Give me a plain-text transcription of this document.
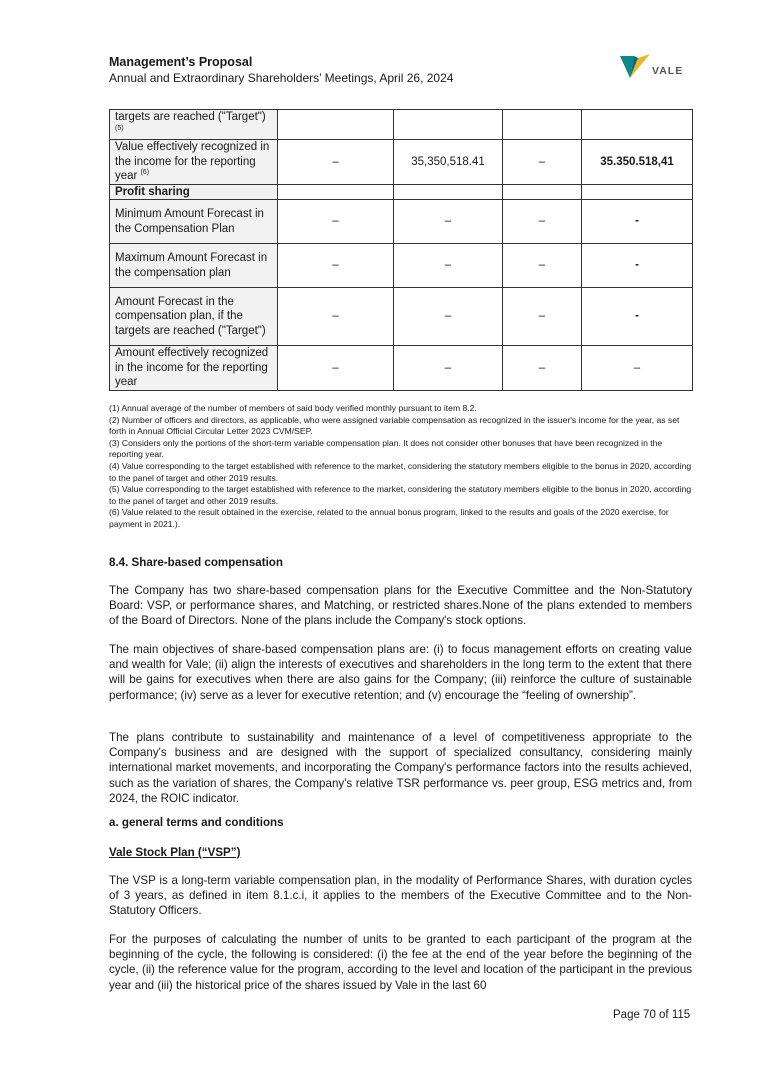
Management’s Proposal
Annual and Extraordinary Shareholders’ Meetings, April 26, 2024	VALE
targets are reached ("Target") $^{(5)}$				
Value effectively recognized in the income for the reporting year $^{(6)}$	–	35,350,518.41	–	35.350.518,41
Profit sharing				
Minimum Amount Forecast in the Compensation Plan	–	–	–	-
Maximum Amount Forecast in the compensation plan	–	–	–	-
Amount Forecast in the compensation plan, if the targets are reached ("Target")	–	–	–	-
Amount effectively recognized in the income for the reporting year	–	–	–	–

(1) Annual average of the number of members of said body verified monthly pursuant to item 8.2.

(2) Number of officers and directors, as applicable, who were assigned variable compensation as recognized in the issuer's income for the year, as set forth in Annual Official Circular Letter 2023 CVM/SEP.

(3) Considers only the portions of the short-term variable compensation plan. It does not consider other bonuses that have been recognized in the reporting year.

(4) Value corresponding to the target established with reference to the market, considering the statutory members eligible to the bonus in 2020, according to the panel of target and other 2019 results.

(5) Value corresponding to the target established with reference to the market, considering the statutory members eligible to the bonus in 2020, according to the panel of target and other 2019 results.

(6) Value related to the result obtained in the exercise, related to the annual bonus program, linked to the results and goals of the 2020 exercise, for payment in 2021.).

8.4. Share-based compensation
The Company has two share-based compensation plans for the Executive Committee and the Non-Statutory Board: VSP, or performance shares, and Matching, or restricted shares.None of the plans extended to members of the Board of Directors. None of the plans include the Company's stock options.
The main objectives of share-based compensation plans are: (i) to focus management efforts on creating value and wealth for Vale; (ii) align the interests of executives and shareholders in the long term to the extent that there will be gains for executives when there are also gains for the Company; (iii) reinforce the culture of sustainable performance; (iv) serve as a lever for executive retention; and (v) encourage the “feeling of ownership”.
The plans contribute to sustainability and maintenance of a level of competitiveness appropriate to the Company's business and are designed with the support of specialized consultancy, considering mainly international market movements, and incorporating the Company's performance factors into the results achieved, such as the variation of shares, the Company's relative TSR performance vs. peer group, ESG metrics and, from 2024, the ROIC indicator.
a. general terms and conditions
Vale Stock Plan (“VSP”)
The VSP is a long-term variable compensation plan, in the modality of Performance Shares, with duration cycles of 3 years, as defined in item 8.1.c.i, it applies to the members of the Executive Committee and to the Non-Statutory Officers.
For the purposes of calculating the number of units to be granted to each participant of the program at the beginning of the cycle, the following is considered: (i) the fee at the end of the year before the beginning of the cycle, (ii) the reference value for the program, according to the level and location of the participant in the previous year and (iii) the historical price of the shares issued by Vale in the last 60
Page 70 of 115
